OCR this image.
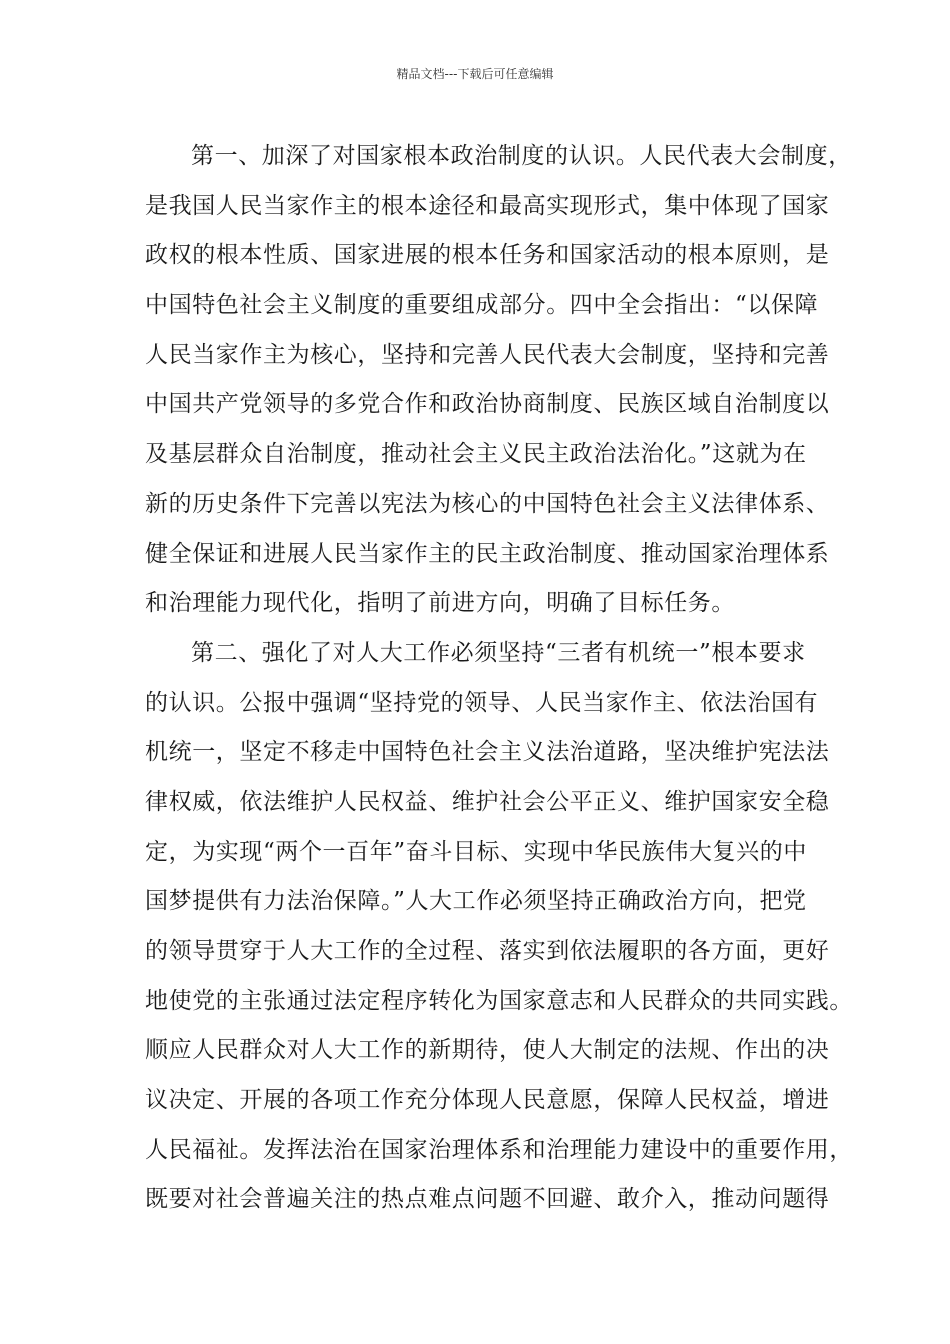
精品文档---下载后可任意编辑
第一、加深了对国家根本政治制度的认识。人民代表大会制度，
是我国人民当家作主的根本途径和最高实现形式，集中体现了国家
政权的根本性质、国家进展的根本任务和国家活动的根本原则，是
中国特色社会主义制度的重要组成部分。四中全会指出：“以保障
人民当家作主为核心，坚持和完善人民代表大会制度，坚持和完善
中国共产党领导的多党合作和政治协商制度、民族区域自治制度以
及基层群众自治制度，推动社会主义民主政治法治化。”这就为在
新的历史条件下完善以宪法为核心的中国特色社会主义法律体系、
健全保证和进展人民当家作主的民主政治制度、推动国家治理体系
和治理能力现代化，指明了前进方向，明确了目标任务。
第二、强化了对人大工作必须坚持“三者有机统一”根本要求
的认识。公报中强调“坚持党的领导、人民当家作主、依法治国有
机统一，坚定不移走中国特色社会主义法治道路，坚决维护宪法法
律权威，依法维护人民权益、维护社会公平正义、维护国家安全稳
定，为实现“两个一百年”奋斗目标、实现中华民族伟大复兴的中
国梦提供有力法治保障。”人大工作必须坚持正确政治方向，把党
的领导贯穿于人大工作的全过程、落实到依法履职的各方面，更好
地使党的主张通过法定程序转化为国家意志和人民群众的共同实践。
顺应人民群众对人大工作的新期待，使人大制定的法规、作出的决
议决定、开展的各项工作充分体现人民意愿，保障人民权益，增进
人民福祉。发挥法治在国家治理体系和治理能力建设中的重要作用，
既要对社会普遍关注的热点难点问题不回避、敢介入，推动问题得
